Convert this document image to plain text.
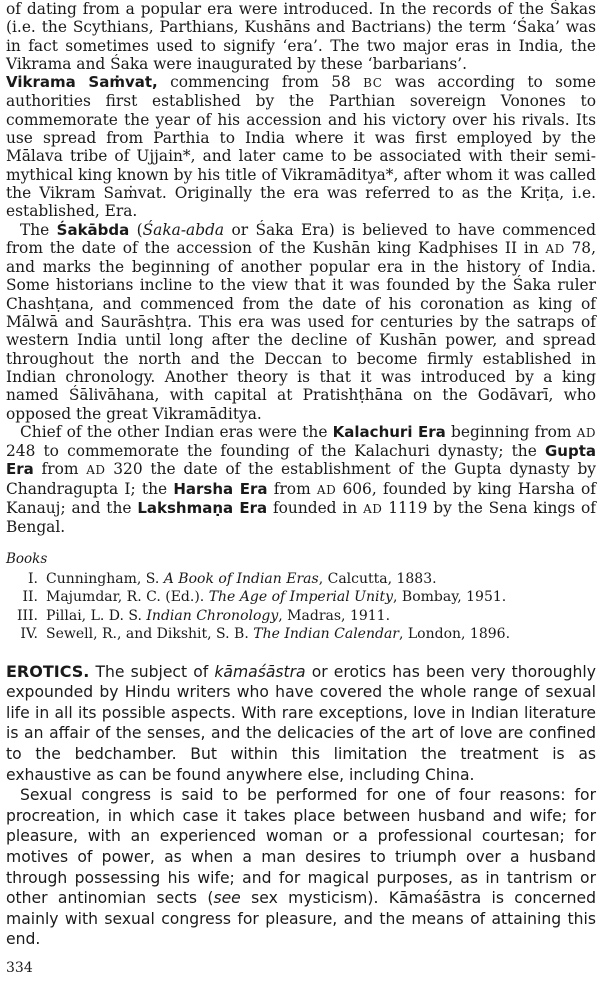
of dating from a popular era were introduced. In the records of the Śakas (i.e. the Scythians, Parthians, Kushāns and Bactrians) the term ‘Śaka’ was in fact sometimes used to signify ‘era’. The two major eras in India, the Vikrama and Śaka were inaugurated by these ‘barbarians’.

Vikrama Saṁvat, commencing from 58 BC was according to some authorities first established by the Parthian sovereign Vonones to commemorate the year of his accession and his victory over his rivals. Its use spread from Parthia to India where it was first employed by the Mālava tribe of Ujjain*, and later came to be associated with their semi-mythical king known by his title of Vikramāditya*, after whom it was called the Vikram Saṁvat. Originally the era was referred to as the Kriṭa, i.e. established, Era.

The Śakābda (Śaka-abda or Śaka Era) is believed to have commenced from the date of the accession of the Kushān king Kadphises II in AD 78, and marks the beginning of another popular era in the history of India. Some historians incline to the view that it was founded by the Śaka ruler Chashṭana, and commenced from the date of his coronation as king of Mālwā and Saurāshṭra. This era was used for centuries by the satraps of western India until long after the decline of Kushān power, and spread throughout the north and the Deccan to become firmly established in Indian chronology. Another theory is that it was introduced by a king named Śālivāhana, with capital at Pratishṭhāna on the Godāvarī, who opposed the great Vikramāditya.

Chief of the other Indian eras were the Kalachuri Era beginning from AD 248 to commemorate the founding of the Kalachuri dynasty; the Gupta Era from AD 320 the date of the establishment of the Gupta dynasty by Chandragupta I; the Harsha Era from AD 606, founded by king Harsha of Kanauj; and the Lakshmaṇa Era founded in AD 1119 by the Sena kings of Bengal.

Books
I. Cunningham, S. A Book of Indian Eras, Calcutta, 1883.
II. Majumdar, R. C. (Ed.). The Age of Imperial Unity, Bombay, 1951.
III. Pillai, L. D. S. Indian Chronology, Madras, 1911.
IV. Sewell, R., and Dikshit, S. B. The Indian Calendar, London, 1896.

EROTICS. The subject of kāmaśāstra or erotics has been very thoroughly expounded by Hindu writers who have covered the whole range of sexual life in all its possible aspects. With rare exceptions, love in Indian literature is an affair of the senses, and the delicacies of the art of love are confined to the bedchamber. But within this limitation the treatment is as exhaustive as can be found anywhere else, including China.

Sexual congress is said to be performed for one of four reasons: for procreation, in which case it takes place between husband and wife; for pleasure, with an experienced woman or a professional courtesan; for motives of power, as when a man desires to triumph over a husband through possessing his wife; and for magical purposes, as in tantrism or other antinomian sects (see sex mysticism). Kāmaśāstra is concerned mainly with sexual congress for pleasure, and the means of attaining this end.

334
